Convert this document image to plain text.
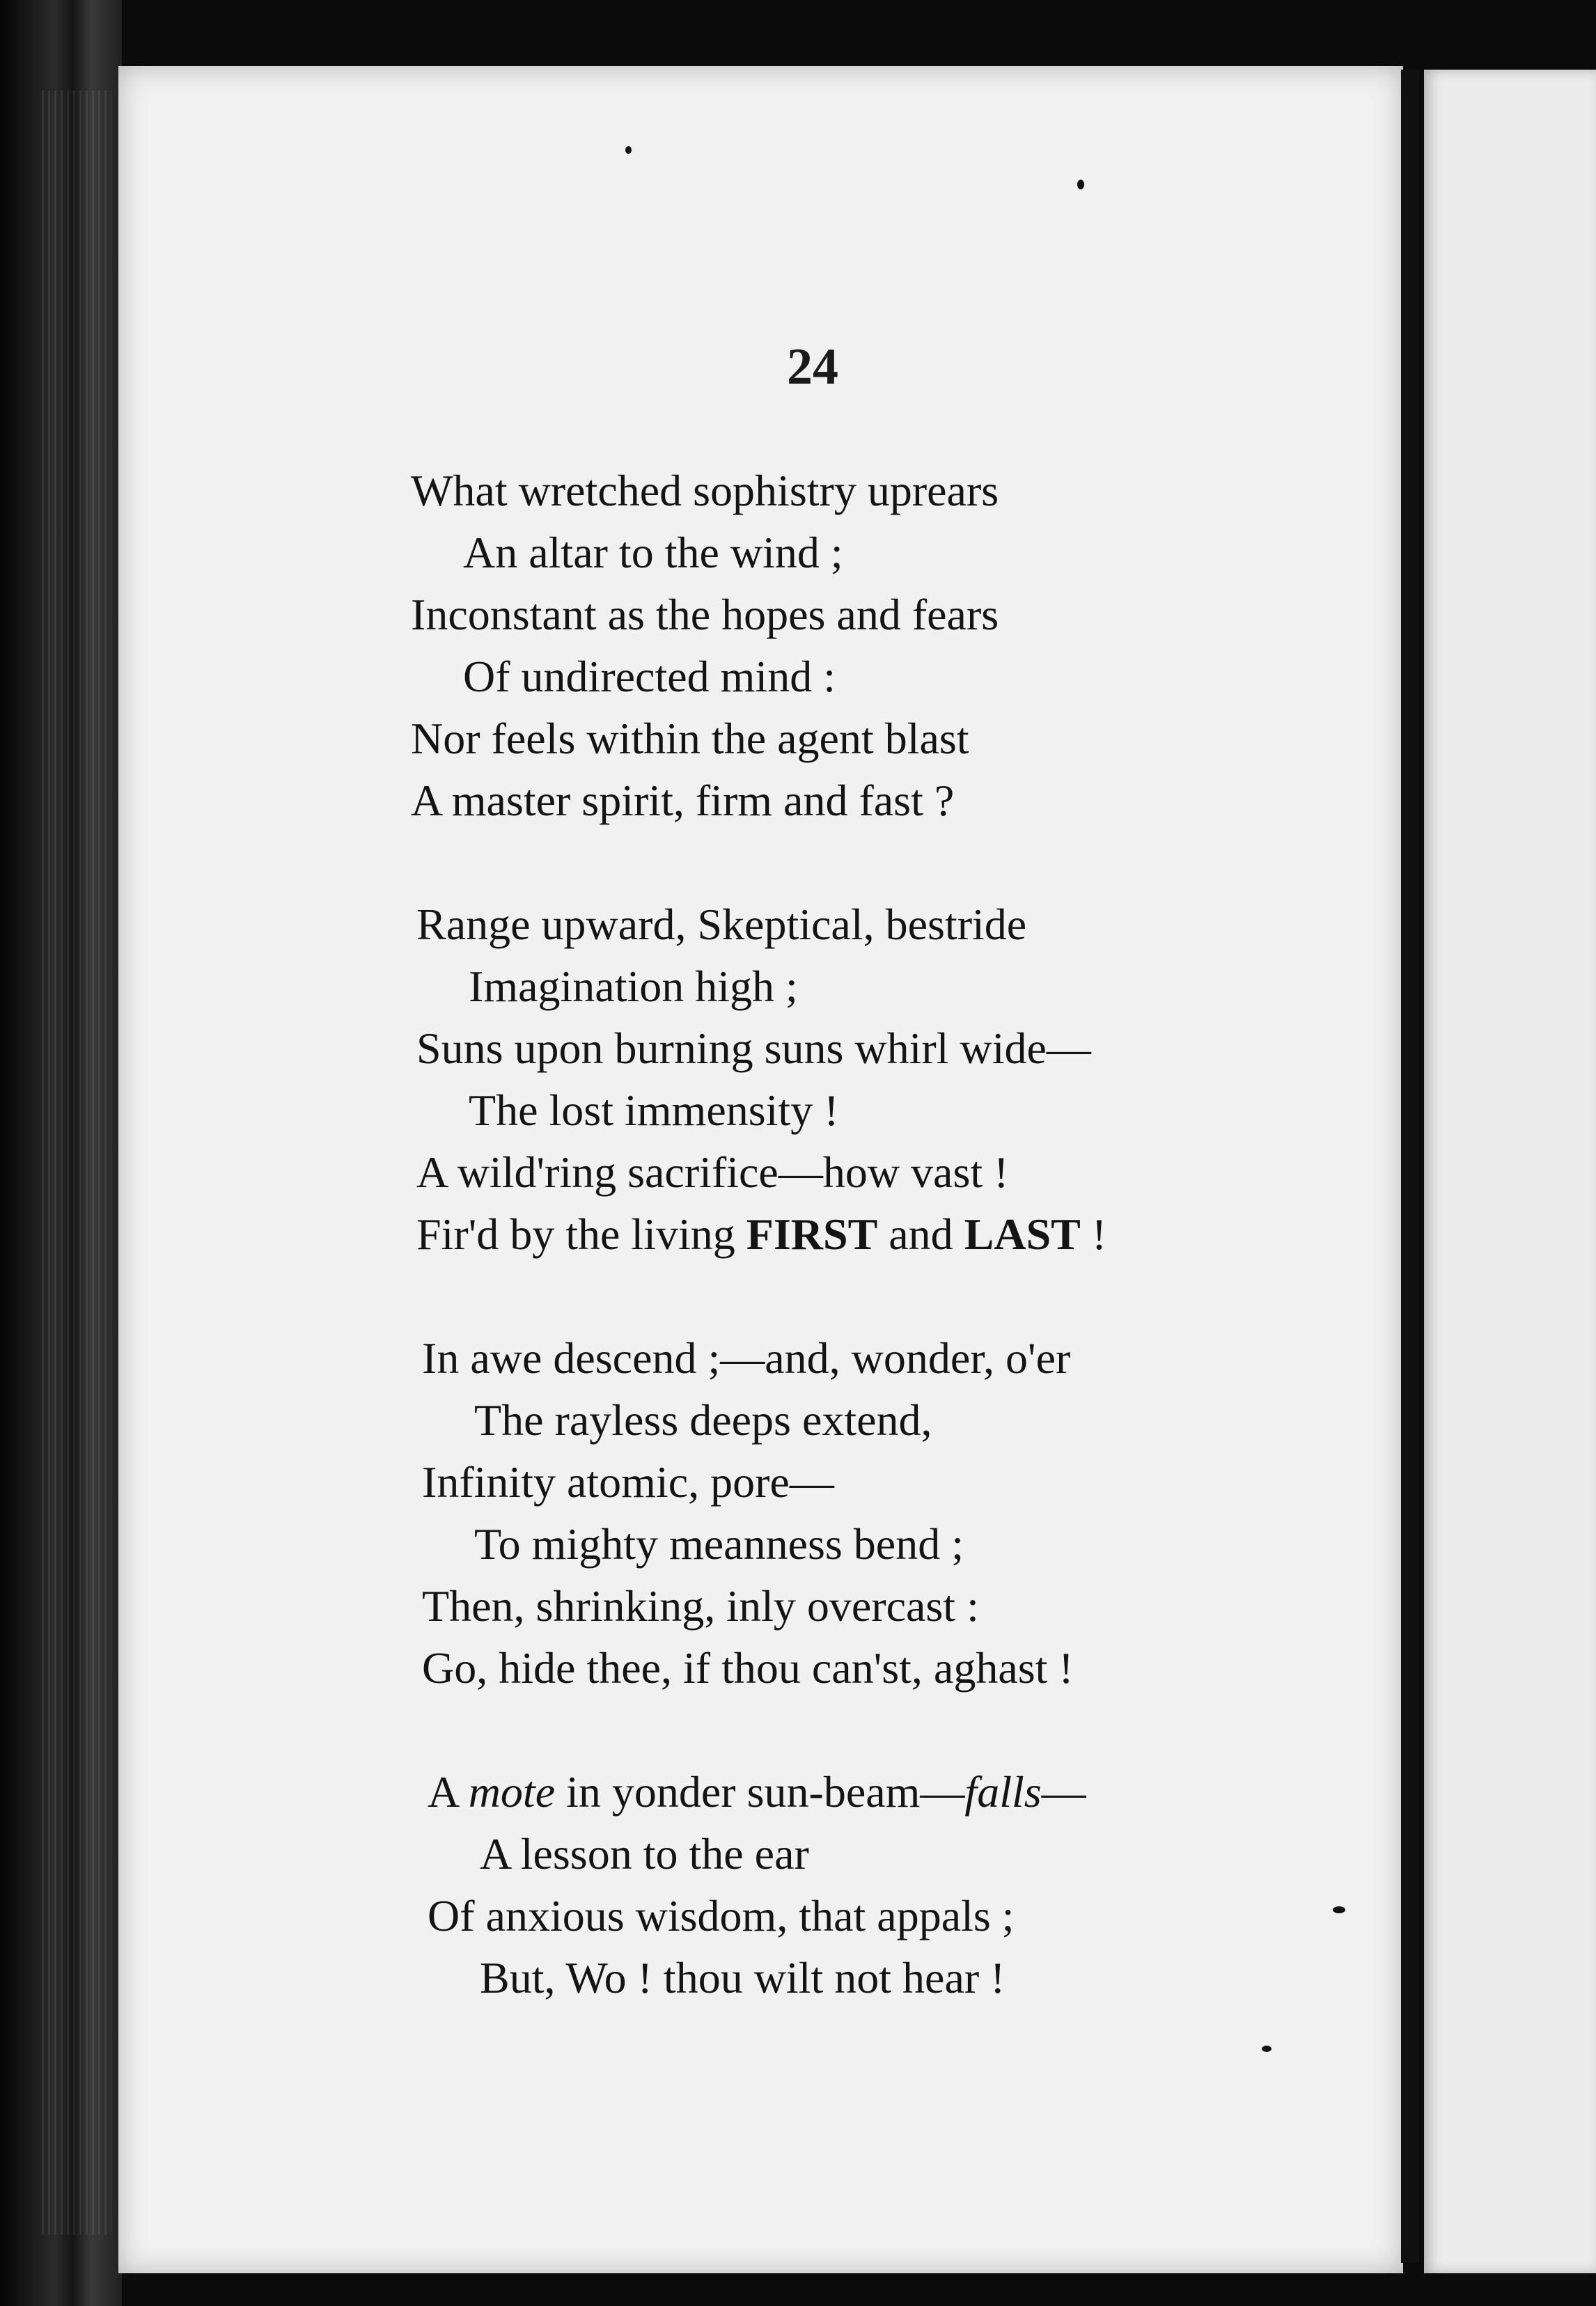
24
What wretched sophistry uprears
An altar to the wind ;
Inconstant as the hopes and fears
Of undirected mind :
Nor feels within the agent blast
A master spirit, firm and fast ?
Range upward, Skeptical, bestride
Imagination high ;
Suns upon burning suns whirl wide—
The lost immensity !
A wild'ring sacrifice—how vast !
Fir'd by the living FIRST and LAST !
In awe descend ;—and, wonder, o'er
The rayless deeps extend,
Infinity atomic, pore—
To mighty meanness bend ;
Then, shrinking, inly overcast :
Go, hide thee, if thou can'st, aghast !
A mote in yonder sun-beam—falls—
A lesson to the ear
Of anxious wisdom, that appals ;
But, Wo ! thou wilt not hear !
